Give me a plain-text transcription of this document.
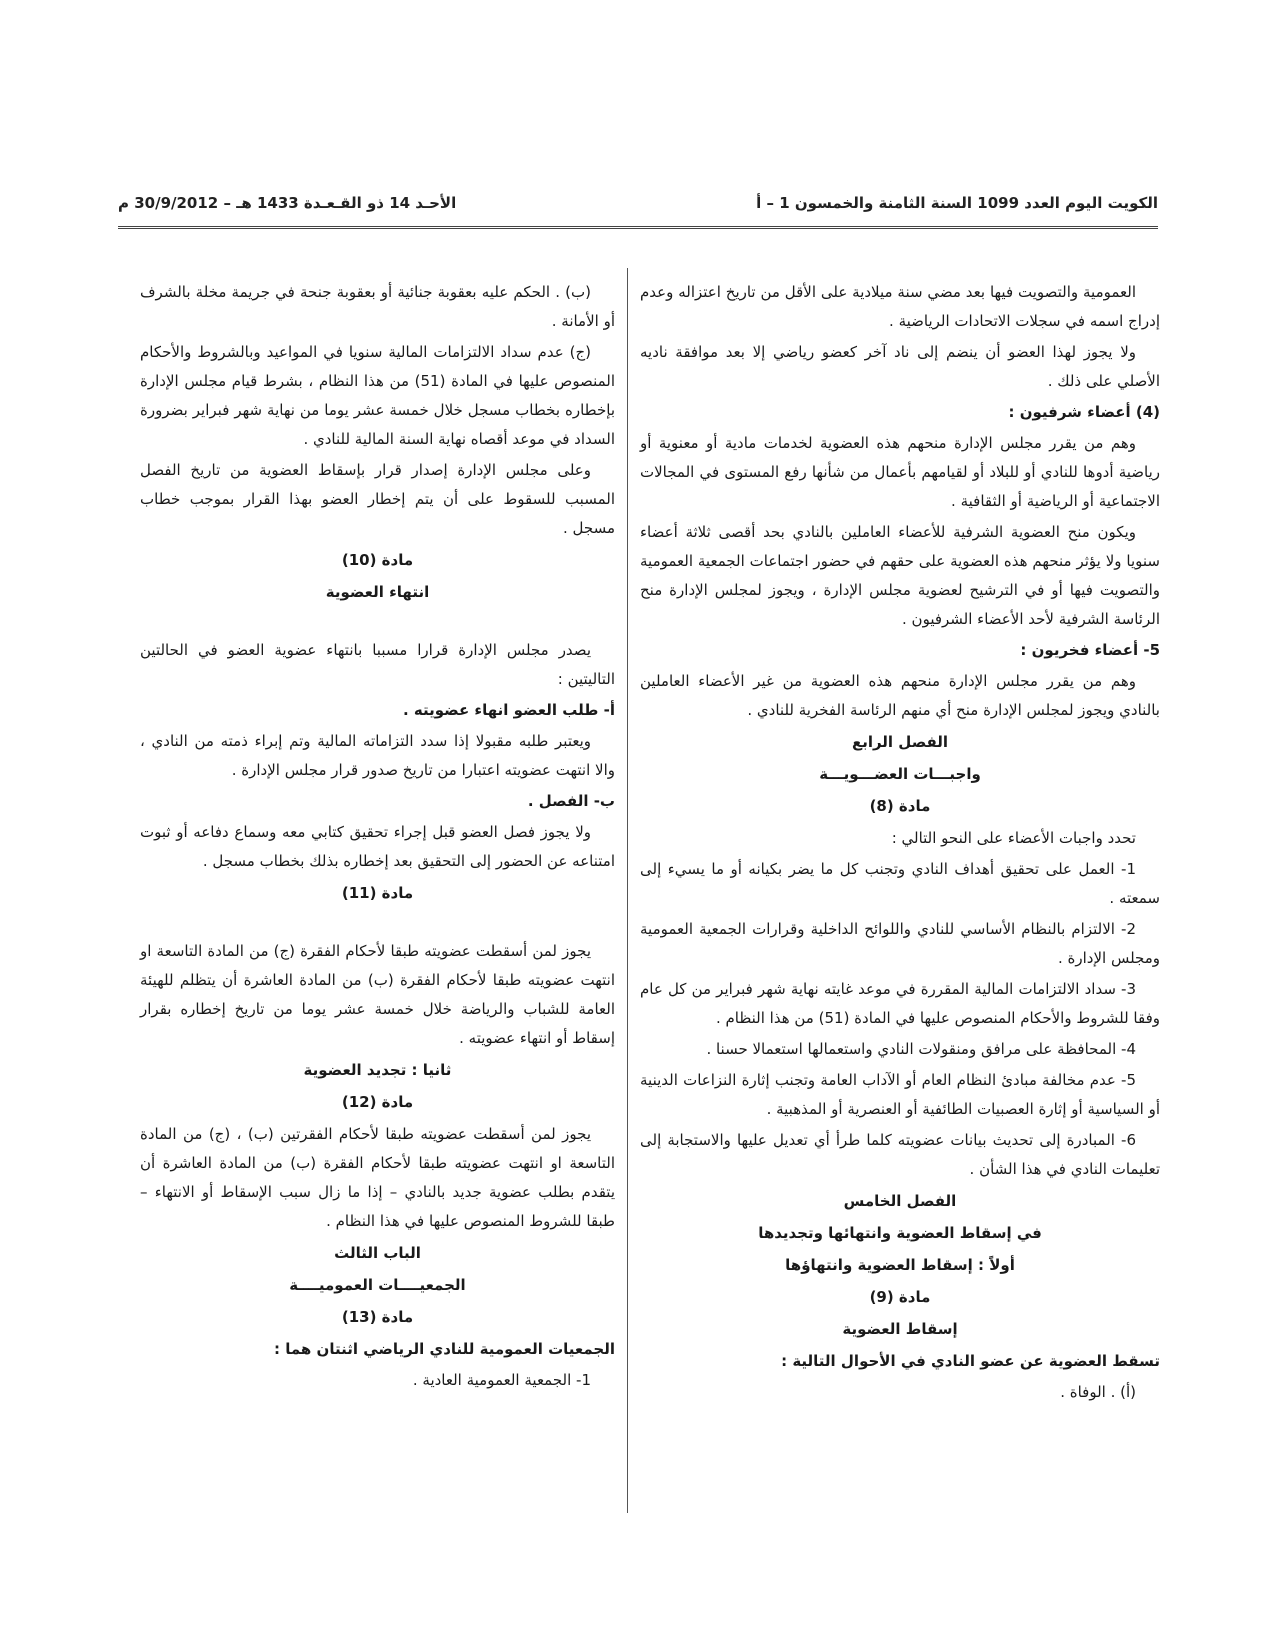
الكويت اليوم العدد 1099 السنة الثامنة والخمسون 1 – أ
الأحـد 14 ذو القـعـدة 1433 هـ – 30/9/2012 م

العمومية والتصويت فيها بعد مضي سنة ميلادية على الأقل من تاريخ اعتزاله وعدم إدراج اسمه في سجلات الاتحادات الرياضية .

ولا يجوز لهذا العضو أن ينضم إلى ناد آخر كعضو رياضي إلا بعد موافقة ناديه الأصلي على ذلك .

(4) أعضاء شرفيون :

وهم من يقرر مجلس الإدارة منحهم هذه العضوية لخدمات مادية أو معنوية أو رياضية أدوها للنادي أو للبلاد أو لقيامهم بأعمال من شأنها رفع المستوى في المجالات الاجتماعية أو الرياضية أو الثقافية .

ويكون منح العضوية الشرفية للأعضاء العاملين بالنادي بحد أقصى ثلاثة أعضاء سنويا ولا يؤثر منحهم هذه العضوية على حقهم في حضور اجتماعات الجمعية العمومية والتصويت فيها أو في الترشيح لعضوية مجلس الإدارة ، ويجوز لمجلس الإدارة منح الرئاسة الشرفية لأحد الأعضاء الشرفيون .

5- أعضاء فخريون :

وهم من يقرر مجلس الإدارة منحهم هذه العضوية من غير الأعضاء العاملين بالنادي ويجوز لمجلس الإدارة منح أي منهم الرئاسة الفخرية للنادي .

الفصل الرابع
واجبـــات العضـــويـــة
مادة (8)

تحدد واجبات الأعضاء على النحو التالي :

1- العمل على تحقيق أهداف النادي وتجنب كل ما يضر بكيانه أو ما يسيء إلى سمعته .

2- الالتزام بالنظام الأساسي للنادي واللوائح الداخلية وقرارات الجمعية العمومية ومجلس الإدارة .

3- سداد الالتزامات المالية المقررة في موعد غايته نهاية شهر فبراير من كل عام وفقا للشروط والأحكام المنصوص عليها في المادة (51) من هذا النظام .

4- المحافظة على مرافق ومنقولات النادي واستعمالها استعمالا حسنا .

5- عدم مخالفة مبادئ النظام العام أو الآداب العامة وتجنب إثارة النزاعات الدينية أو السياسية أو إثارة العصبيات الطائفية أو العنصرية أو المذهبية .

6- المبادرة إلى تحديث بيانات عضويته كلما طرأ أي تعديل عليها والاستجابة إلى تعليمات النادي في هذا الشأن .

الفصل الخامس
في إسقاط العضوية وانتهائها وتجديدها
أولاً : إسقاط العضوية وانتهاؤها
مادة (9)
إسقاط العضوية
تسقط العضوية عن عضو النادي في الأحوال التالية :

(أ) . الوفاة .

(ب) . الحكم عليه بعقوبة جنائية أو بعقوبة جنحة في جريمة مخلة بالشرف أو الأمانة .

(ج) عدم سداد الالتزامات المالية سنويا في المواعيد وبالشروط والأحكام المنصوص عليها في المادة (51) من هذا النظام ، بشرط قيام مجلس الإدارة بإخطاره بخطاب مسجل خلال خمسة عشر يوما من نهاية شهر فبراير بضرورة السداد في موعد أقصاه نهاية السنة المالية للنادي .

وعلى مجلس الإدارة إصدار قرار بإسقاط العضوية من تاريخ الفصل المسبب للسقوط على أن يتم إخطار العضو بهذا القرار بموجب خطاب مسجل .

مادة (10)
انتهاء العضوية

يصدر مجلس الإدارة قرارا مسببا بانتهاء عضوية العضو في الحالتين التاليتين :

أ- طلب العضو انهاء عضويته .

ويعتبر طلبه مقبولا إذا سدد التزاماته المالية وتم إبراء ذمته من النادي ، والا انتهت عضويته اعتبارا من تاريخ صدور قرار مجلس الإدارة .

ب- الفصل .

ولا يجوز فصل العضو قبل إجراء تحقيق كتابي معه وسماع دفاعه أو ثبوت امتناعه عن الحضور إلى التحقيق بعد إخطاره بذلك بخطاب مسجل .

مادة (11)

يجوز لمن أسقطت عضويته طبقا لأحكام الفقرة (ج) من المادة التاسعة او انتهت عضويته طبقا لأحكام الفقرة (ب) من المادة العاشرة أن يتظلم للهيئة العامة للشباب والرياضة خلال خمسة عشر يوما من تاريخ إخطاره بقرار إسقاط أو انتهاء عضويته .

ثانيا : تجديد العضوية
مادة (12)

يجوز لمن أسقطت عضويته طبقا لأحكام الفقرتين (ب) ، (ج) من المادة التاسعة او انتهت عضويته طبقا لأحكام الفقرة (ب) من المادة العاشرة أن يتقدم بطلب عضوية جديد بالنادي – إذا ما زال سبب الإسقاط أو الانتهاء – طبقا للشروط المنصوص عليها في هذا النظام .

الباب الثالث
الجمعيــــات العموميــــة
مادة (13)
الجمعيات العمومية للنادي الرياضي اثنتان هما :

1- الجمعية العمومية العادية .
